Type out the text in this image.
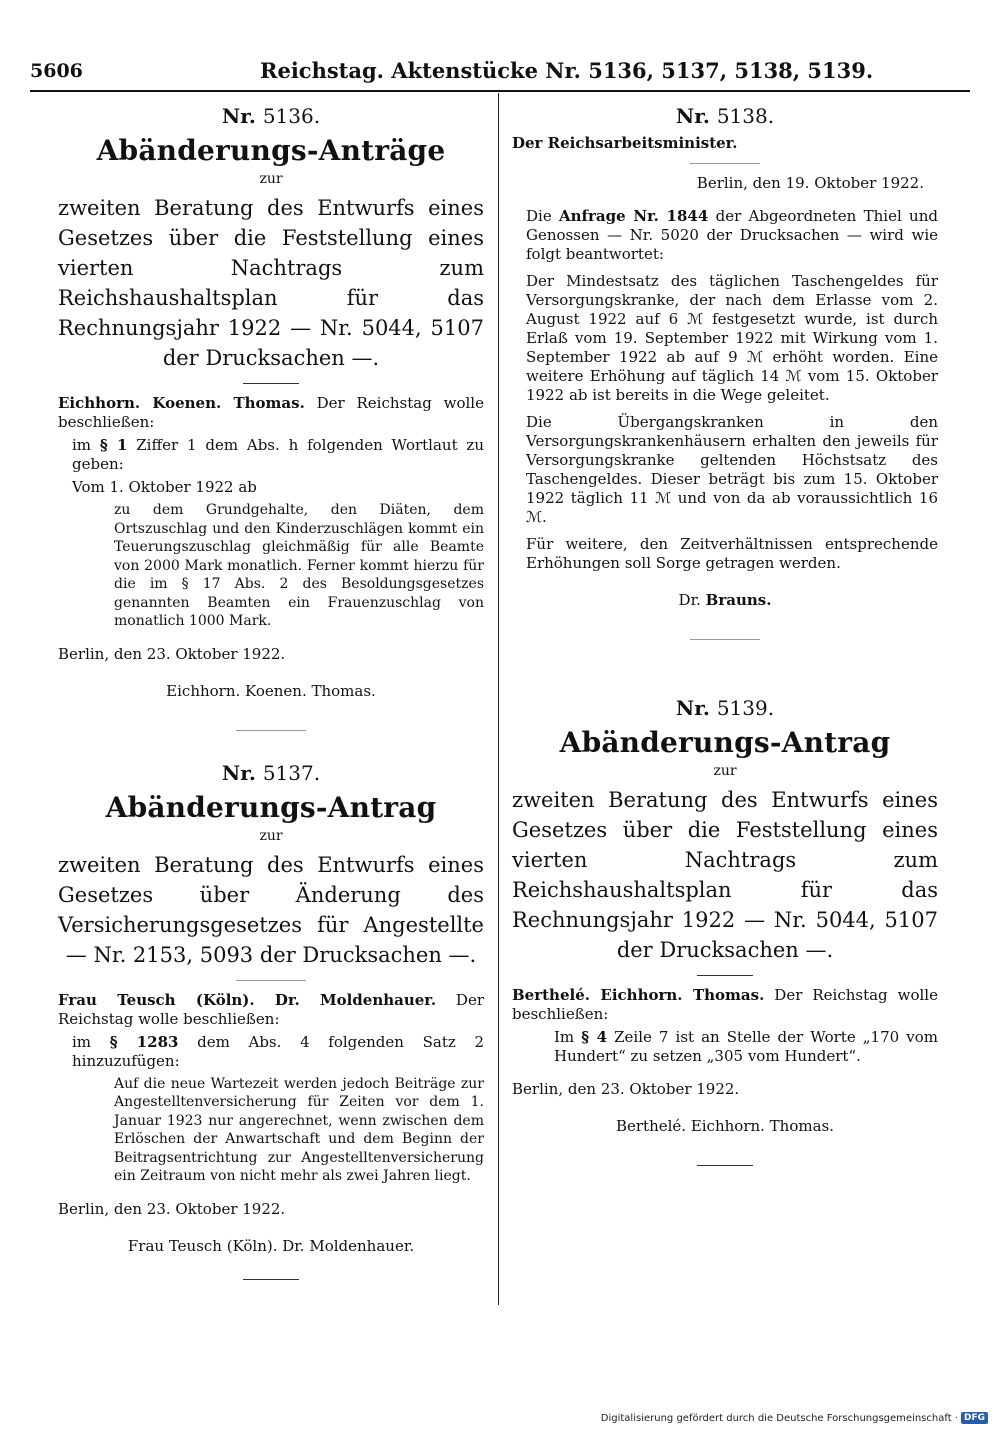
5606	Reichstag. Aktenstücke Nr. 5136, 5137, 5138, 5139.
Nr. 5136.
Abänderungs-Anträge
zur

zweiten Beratung des Entwurfs eines Gesetzes über die Feststellung eines vierten Nachtrags zum Reichshaushaltsplan für das Rechnungsjahr 1922 — Nr. 5044, 5107 der Drucksachen —.

Eichhorn. Koenen. Thomas. Der Reichstag wolle beschließen:

im § 1 Ziffer 1 dem Abs. h folgenden Wortlaut zu geben:

Vom 1. Oktober 1922 ab

zu dem Grundgehalte, den Diäten, dem Ortszuschlag und den Kinderzuschlägen kommt ein Teuerungszuschlag gleichmäßig für alle Beamte von 2000 Mark monatlich. Ferner kommt hierzu für die im § 17 Abs. 2 des Besoldungsgesetzes genannten Beamten ein Frauenzuschlag von monatlich 1000 Mark.

Berlin, den 23. Oktober 1922.

Eichhorn. Koenen. Thomas.

Nr. 5137.
Abänderungs-Antrag
zur

zweiten Beratung des Entwurfs eines Gesetzes über Änderung des Versicherungsgesetzes für Angestellte — Nr. 2153, 5093 der Drucksachen —.

Frau Teusch (Köln). Dr. Moldenhauer. Der Reichstag wolle beschließen:

im § 1283 dem Abs. 4 folgenden Satz 2 hinzuzufügen:

Auf die neue Wartezeit werden jedoch Beiträge zur Angestelltenversicherung für Zeiten vor dem 1. Januar 1923 nur angerechnet, wenn zwischen dem Erlöschen der Anwartschaft und dem Beginn der Beitragsentrichtung zur Angestelltenversicherung ein Zeitraum von nicht mehr als zwei Jahren liegt.

Berlin, den 23. Oktober 1922.

Frau Teusch (Köln). Dr. Moldenhauer.

Nr. 5138.

Der Reichsarbeitsminister.

Berlin, den 19. Oktober 1922.

Die Anfrage Nr. 1844 der Abgeordneten Thiel und Genossen — Nr. 5020 der Drucksachen — wird wie folgt beantwortet:

Der Mindestsatz des täglichen Taschengeldes für Versorgungskranke, der nach dem Erlasse vom 2. August 1922 auf 6 ℳ festgesetzt wurde, ist durch Erlaß vom 19. September 1922 mit Wirkung vom 1. September 1922 ab auf 9 ℳ erhöht worden. Eine weitere Erhöhung auf täglich 14 ℳ vom 15. Oktober 1922 ab ist bereits in die Wege geleitet.

Die Übergangskranken in den Versorgungskrankenhäusern erhalten den jeweils für Versorgungskranke geltenden Höchstsatz des Taschengeldes. Dieser beträgt bis zum 15. Oktober 1922 täglich 11 ℳ und von da ab voraussichtlich 16 ℳ.

Für weitere, den Zeitverhältnissen entsprechende Erhöhungen soll Sorge getragen werden.

Dr. Brauns.

Nr. 5139.
Abänderungs-Antrag
zur

zweiten Beratung des Entwurfs eines Gesetzes über die Feststellung eines vierten Nachtrags zum Reichshaushaltsplan für das Rechnungsjahr 1922 — Nr. 5044, 5107 der Drucksachen —.

Berthelé. Eichhorn. Thomas. Der Reichstag wolle beschließen:

Im § 4 Zeile 7 ist an Stelle der Worte „170 vom Hundert“ zu setzen „305 vom Hundert“.

Berlin, den 23. Oktober 1922.

Berthelé. Eichhorn. Thomas.

Digitalisierung gefördert durch die Deutsche Forschungsgemeinschaft · DFG
